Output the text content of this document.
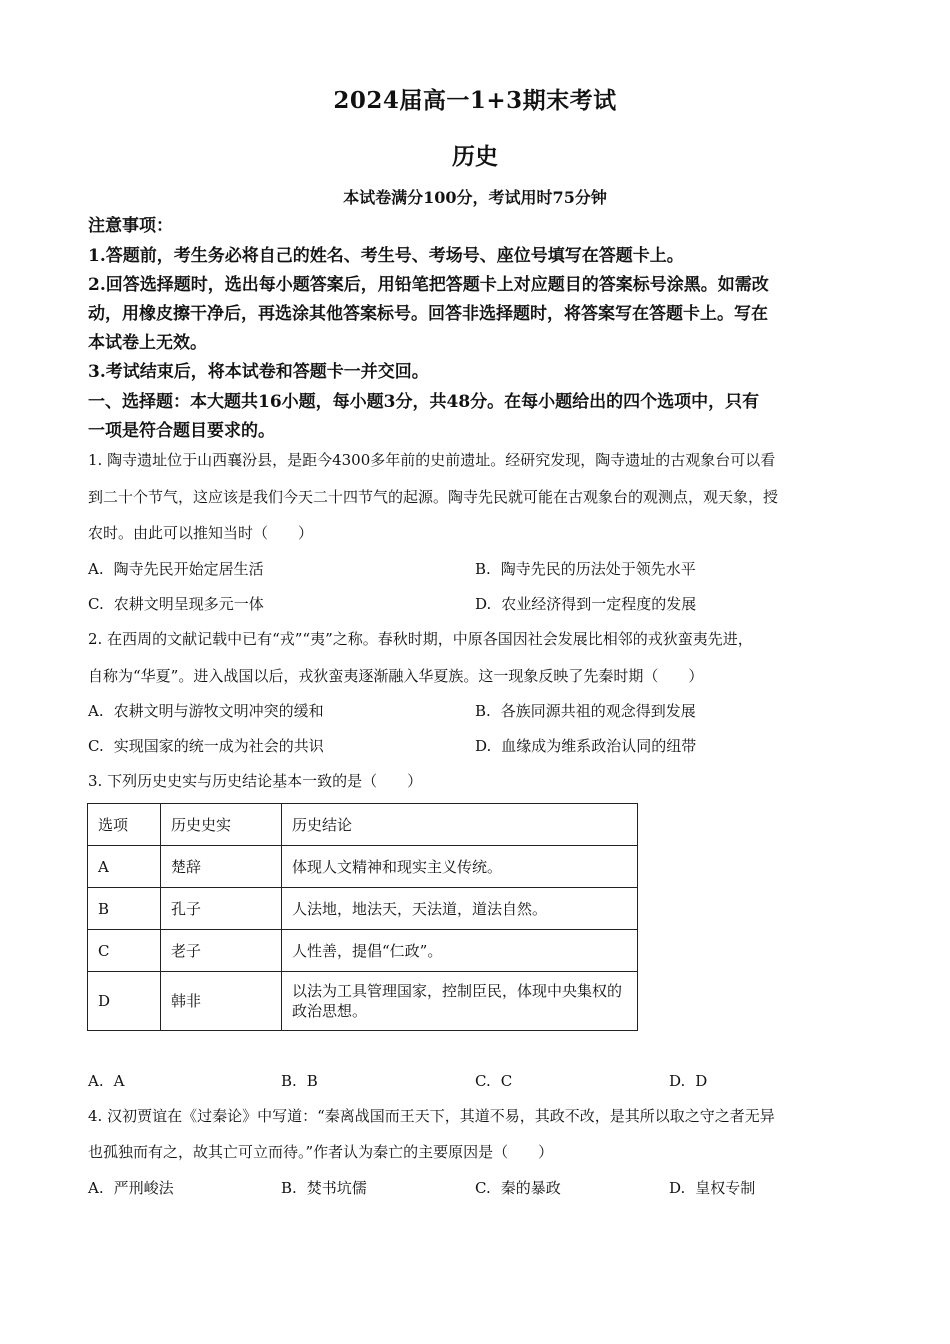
2024届高一1+3期末考试
历史
本试卷满分100分，考试用时75分钟
注意事项：
1.答题前，考生务必将自己的姓名、考生号、考场号、座位号填写在答题卡上。
2.回答选择题时，选出每小题答案后，用铅笔把答题卡上对应题目的答案标号涂黑。如需改
动，用橡皮擦干净后，再选涂其他答案标号。回答非选择题时，将答案写在答题卡上。写在
本试卷上无效。
3.考试结束后，将本试卷和答题卡一并交回。
一、选择题：本大题共16小题，每小题3分，共48分。在每小题给出的四个选项中，只有
一项是符合题目要求的。
1. 陶寺遗址位于山西襄汾县，是距今4300多年前的史前遗址。经研究发现，陶寺遗址的古观象台可以看
到二十个节气，这应该是我们今天二十四节气的起源。陶寺先民就可能在古观象台的观测点，观天象，授
农时。由此可以推知当时（　　）
A. 陶寺先民开始定居生活	B. 陶寺先民的历法处于领先水平
C. 农耕文明呈现多元一体	D. 农业经济得到一定程度的发展
2. 在西周的文献记载中已有“戎”“夷”之称。春秋时期，中原各国因社会发展比相邻的戎狄蛮夷先进，
自称为“华夏”。进入战国以后，戎狄蛮夷逐渐融入华夏族。这一现象反映了先秦时期（　　）
A. 农耕文明与游牧文明冲突的缓和	B. 各族同源共祖的观念得到发展
C. 实现国家的统一成为社会的共识	D. 血缘成为维系政治认同的纽带
3. 下列历史史实与历史结论基本一致的是（　　）
选项	历史史实	历史结论
A	楚辞	体现人文精神和现实主义传统。
B	孔子	人法地，地法天，天法道，道法自然。
C	老子	人性善，提倡“仁政”。
D	韩非	以法为工具管理国家，控制臣民，体现中央集权的政治思想。
A. A	B. B	C. C	D. D
4. 汉初贾谊在《过秦论》中写道：“秦离战国而王天下，其道不易，其政不改，是其所以取之守之者无异
也孤独而有之，故其亡可立而待。”作者认为秦亡的主要原因是（　　）
A. 严刑峻法	B. 焚书坑儒	C. 秦的暴政	D. 皇权专制
